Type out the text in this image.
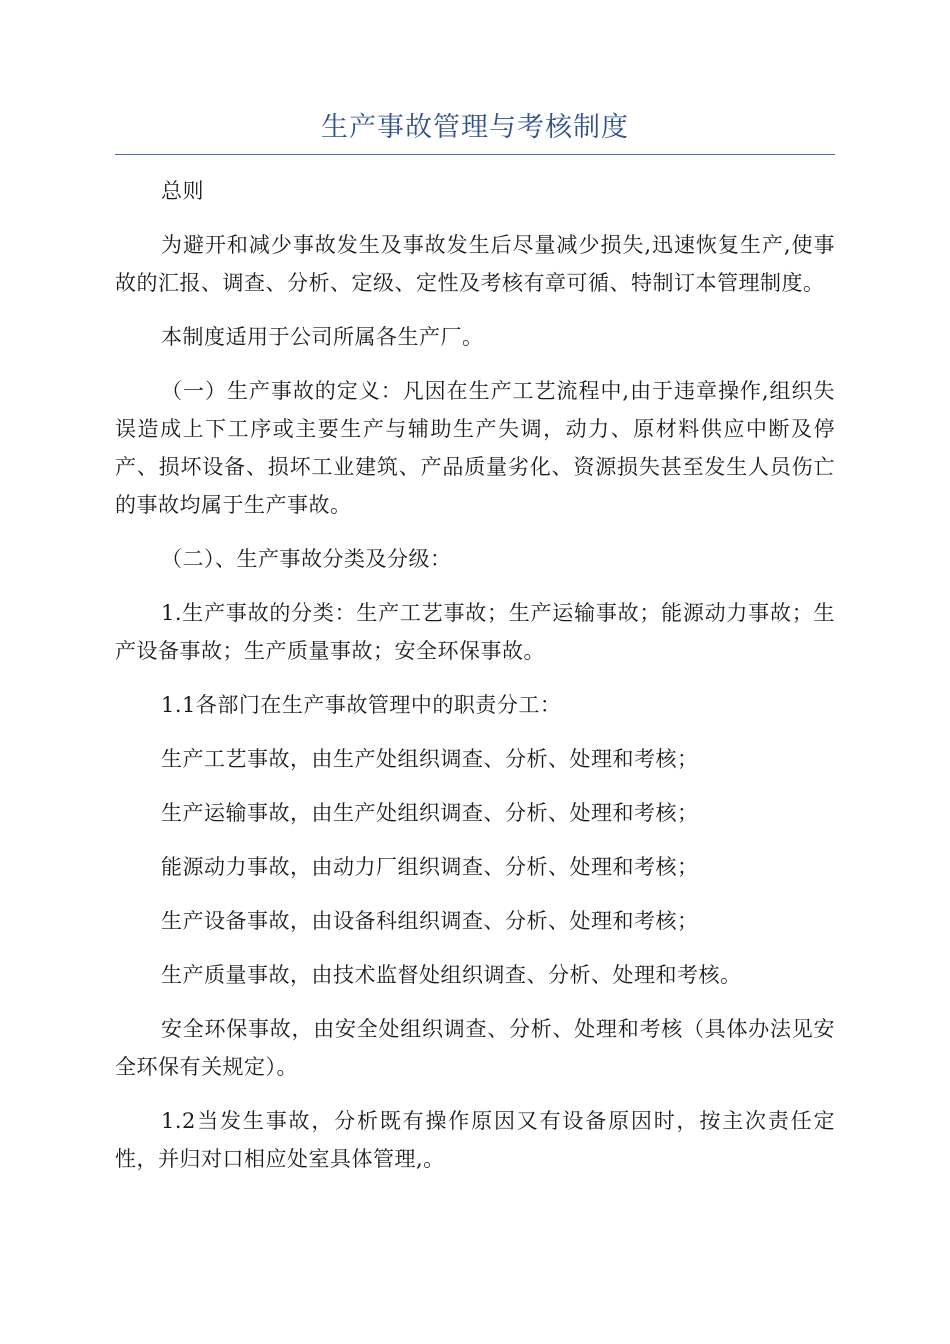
生产事故管理与考核制度

总则

为避开和减少事故发生及事故发生后尽量减少损失,迅速恢复生产,使事故的汇报、调查、分析、定级、定性及考核有章可循、特制订本管理制度。

本制度适用于公司所属各生产厂。

（一）生产事故的定义：凡因在生产工艺流程中,由于违章操作,组织失误造成上下工序或主要生产与辅助生产失调，动力、原材料供应中断及停产、损坏设备、损坏工业建筑、产品质量劣化、资源损失甚至发生人员伤亡的事故均属于生产事故。

（二）、生产事故分类及分级：

1.生产事故的分类：生产工艺事故；生产运输事故；能源动力事故；生产设备事故；生产质量事故；安全环保事故。

1.1各部门在生产事故管理中的职责分工：

生产工艺事故，由生产处组织调查、分析、处理和考核；

生产运输事故，由生产处组织调查、分析、处理和考核；

能源动力事故，由动力厂组织调查、分析、处理和考核；

生产设备事故，由设备科组织调查、分析、处理和考核；

生产质量事故，由技术监督处组织调查、分析、处理和考核。

安全环保事故，由安全处组织调查、分析、处理和考核（具体办法见安全环保有关规定）。

1.2当发生事故，分析既有操作原因又有设备原因时，按主次责任定性，并归对口相应处室具体管理,。
